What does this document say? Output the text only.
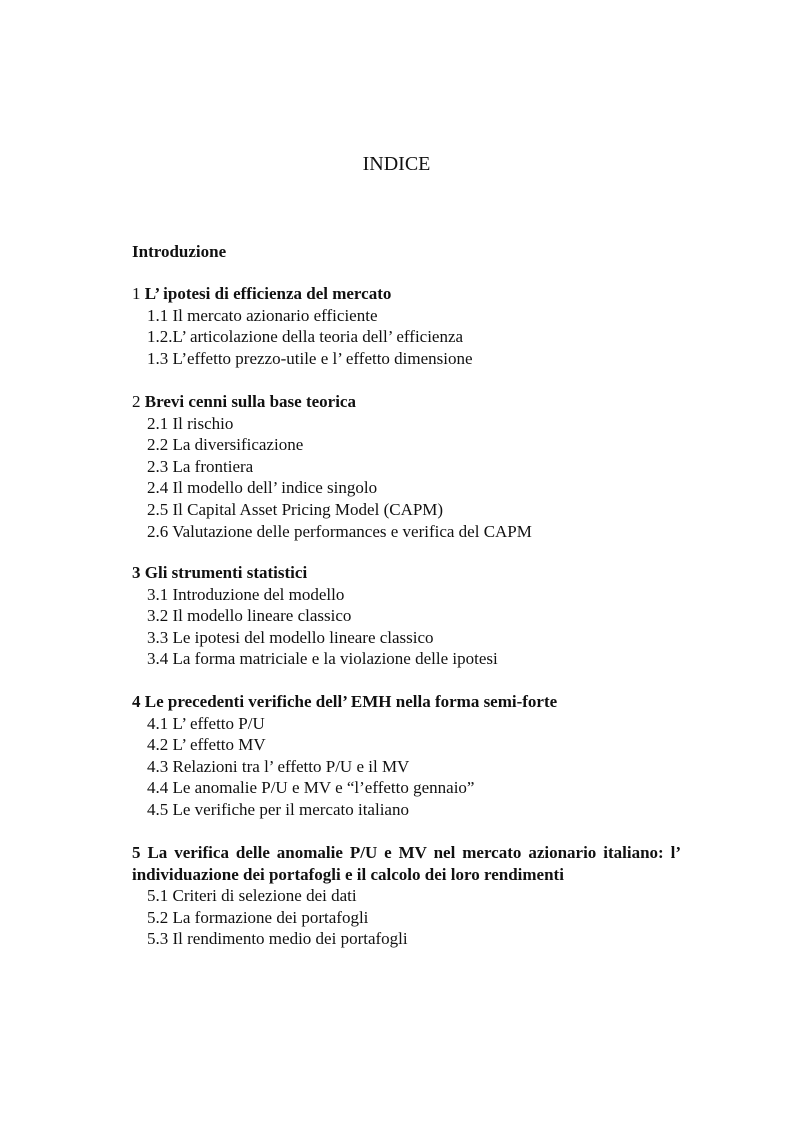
INDICE
Introduzione

1 L’ ipotesi di efficienza del mercato

1.1 Il mercato azionario efficiente

1.2.L’ articolazione della teoria dell’ efficienza

1.3 L’effetto prezzo-utile e l’ effetto dimensione

2 Brevi cenni sulla base teorica

2.1 Il rischio

2.2 La diversificazione

2.3 La frontiera

2.4 Il modello dell’ indice singolo

2.5 Il Capital Asset Pricing Model (CAPM)

2.6 Valutazione delle performances e verifica del CAPM

3 Gli strumenti statistici

3.1 Introduzione del modello

3.2 Il modello lineare classico

3.3 Le ipotesi del modello lineare classico

3.4 La forma matriciale e la violazione delle ipotesi

4 Le precedenti verifiche dell’ EMH nella forma semi-forte

4.1 L’ effetto P/U

4.2 L’ effetto MV

4.3 Relazioni tra l’ effetto P/U e il MV

4.4 Le anomalie P/U e MV e “l’effetto gennaio”

4.5 Le verifiche per il mercato italiano

5 La verifica delle anomalie P/U e MV nel mercato azionario italiano: l’ individuazione dei portafogli e il calcolo dei loro rendimenti

5.1 Criteri di selezione dei dati

5.2 La formazione dei portafogli

5.3 Il rendimento medio dei portafogli
